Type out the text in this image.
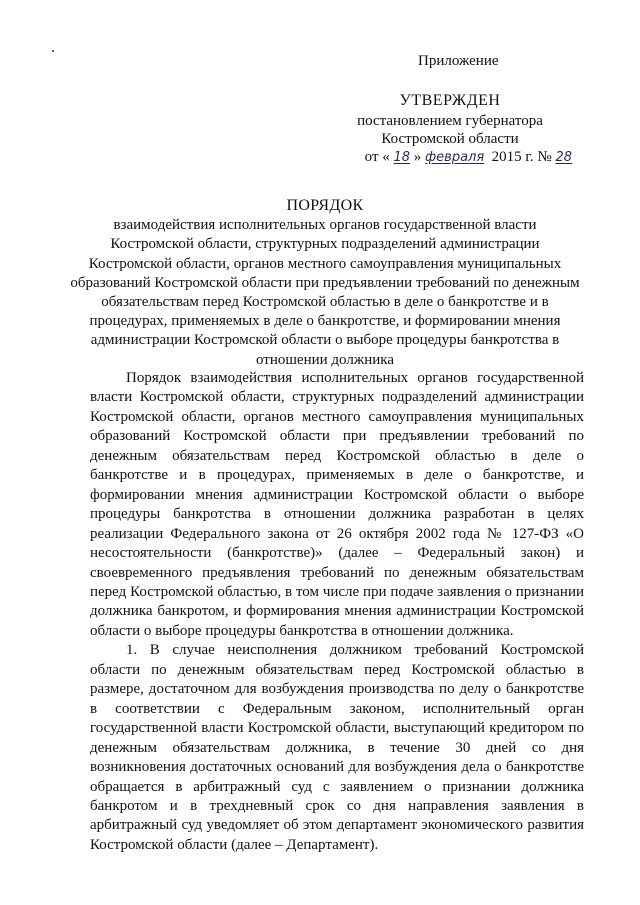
Приложение
УТВЕРЖДЕН
постановлением губернатора
Костромской области
от « 18 » февраля 2015 г. № 28
ПОРЯДОК
взаимодействия исполнительных органов государственной власти Костромской области, структурных подразделений администрации Костромской области, органов местного самоуправления муниципальных образований Костромской области при предъявлении требований по денежным обязательствам перед Костромской областью в деле о банкротстве и в процедурах, применяемых в деле о банкротстве, и формировании мнения администрации Костромской области о выборе процедуры банкротства в отношении должника

Порядок взаимодействия исполнительных органов государственной власти Костромской области, структурных подразделений администрации Костромской области, органов местного самоуправления муниципальных образований Костромской области при предъявлении требований по денежным обязательствам перед Костромской областью в деле о банкротстве и в процедурах, применяемых в деле о банкротстве, и формировании мнения администрации Костромской области о выборе процедуры банкротства в отношении должника разработан в целях реализации Федерального закона от 26 октября 2002 года № 127-ФЗ «О несостоятельности (банкротстве)» (далее – Федеральный закон) и своевременного предъявления требований по денежным обязательствам перед Костромской областью, в том числе при подаче заявления о признании должника банкротом, и формирования мнения администрации Костромской области о выборе процедуры банкротства в отношении должника.

1. В случае неисполнения должником требований Костромской области по денежным обязательствам перед Костромской областью в размере, достаточном для возбуждения производства по делу о банкротстве в соответствии с Федеральным законом, исполнительный орган государственной власти Костромской области, выступающий кредитором по денежным обязательствам должника, в течение 30 дней со дня возникновения достаточных оснований для возбуждения дела о банкротстве обращается в арбитражный суд с заявлением о признании должника банкротом и в трехдневный срок со дня направления заявления в арбитражный суд уведомляет об этом департамент экономического развития Костромской области (далее – Департамент).
